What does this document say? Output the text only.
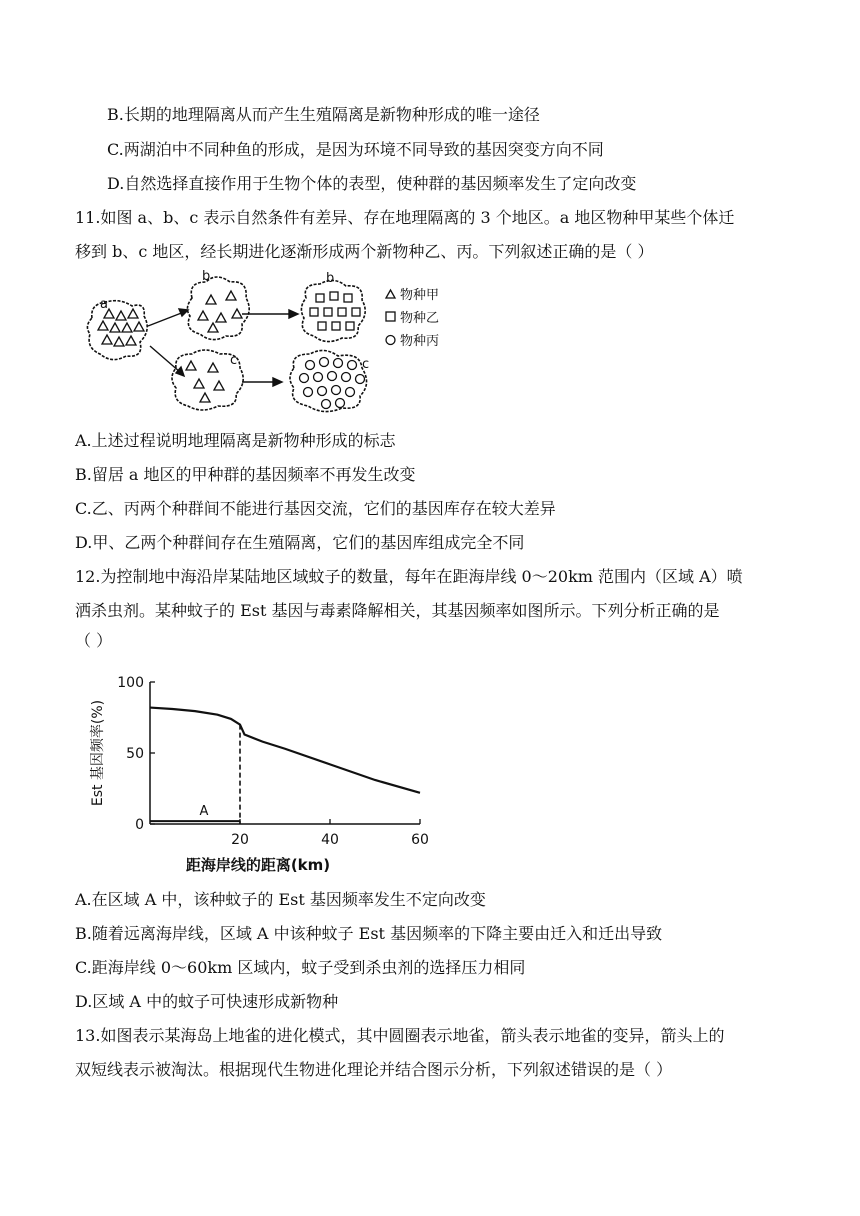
B.长期的地理隔离从而产生生殖隔离是新物种形成的唯一途径
C.两湖泊中不同种鱼的形成，是因为环境不同导致的基因突变方向不同
D.自然选择直接作用于生物个体的表型，使种群的基因频率发生了定向改变
11.如图 a、b、c 表示自然条件有差异、存在地理隔离的 3 个地区。a 地区物种甲某些个体迁
移到 b、c 地区，经长期进化逐渐形成两个新物种乙、丙。下列叙述正确的是（ ）
a
b
c
b
c
物种甲
物种乙
物种丙
A.上述过程说明地理隔离是新物种形成的标志
B.留居 a 地区的甲种群的基因频率不再发生改变
C.乙、丙两个种群间不能进行基因交流，它们的基因库存在较大差异
D.甲、乙两个种群间存在生殖隔离，它们的基因库组成完全不同
12.为控制地中海沿岸某陆地区域蚊子的数量，每年在距海岸线 0～20km 范围内（区域 A）喷
洒杀虫剂。某种蚊子的 Est 基因与毒素降解相关，其基因频率如图所示。下列分析正确的是
（ ）
0
50
100
20	40	60
A
Est 基因频率(%)
距海岸线的距离(km)
A.在区域 A 中，该种蚊子的 Est 基因频率发生不定向改变
B.随着远离海岸线，区域 A 中该种蚊子 Est 基因频率的下降主要由迁入和迁出导致
C.距海岸线 0～60km 区域内，蚊子受到杀虫剂的选择压力相同
D.区域 A 中的蚊子可快速形成新物种
13.如图表示某海岛上地雀的进化模式，其中圆圈表示地雀，箭头表示地雀的变异，箭头上的
双短线表示被淘汰。根据现代生物进化理论并结合图示分析，下列叙述错误的是（ ）
